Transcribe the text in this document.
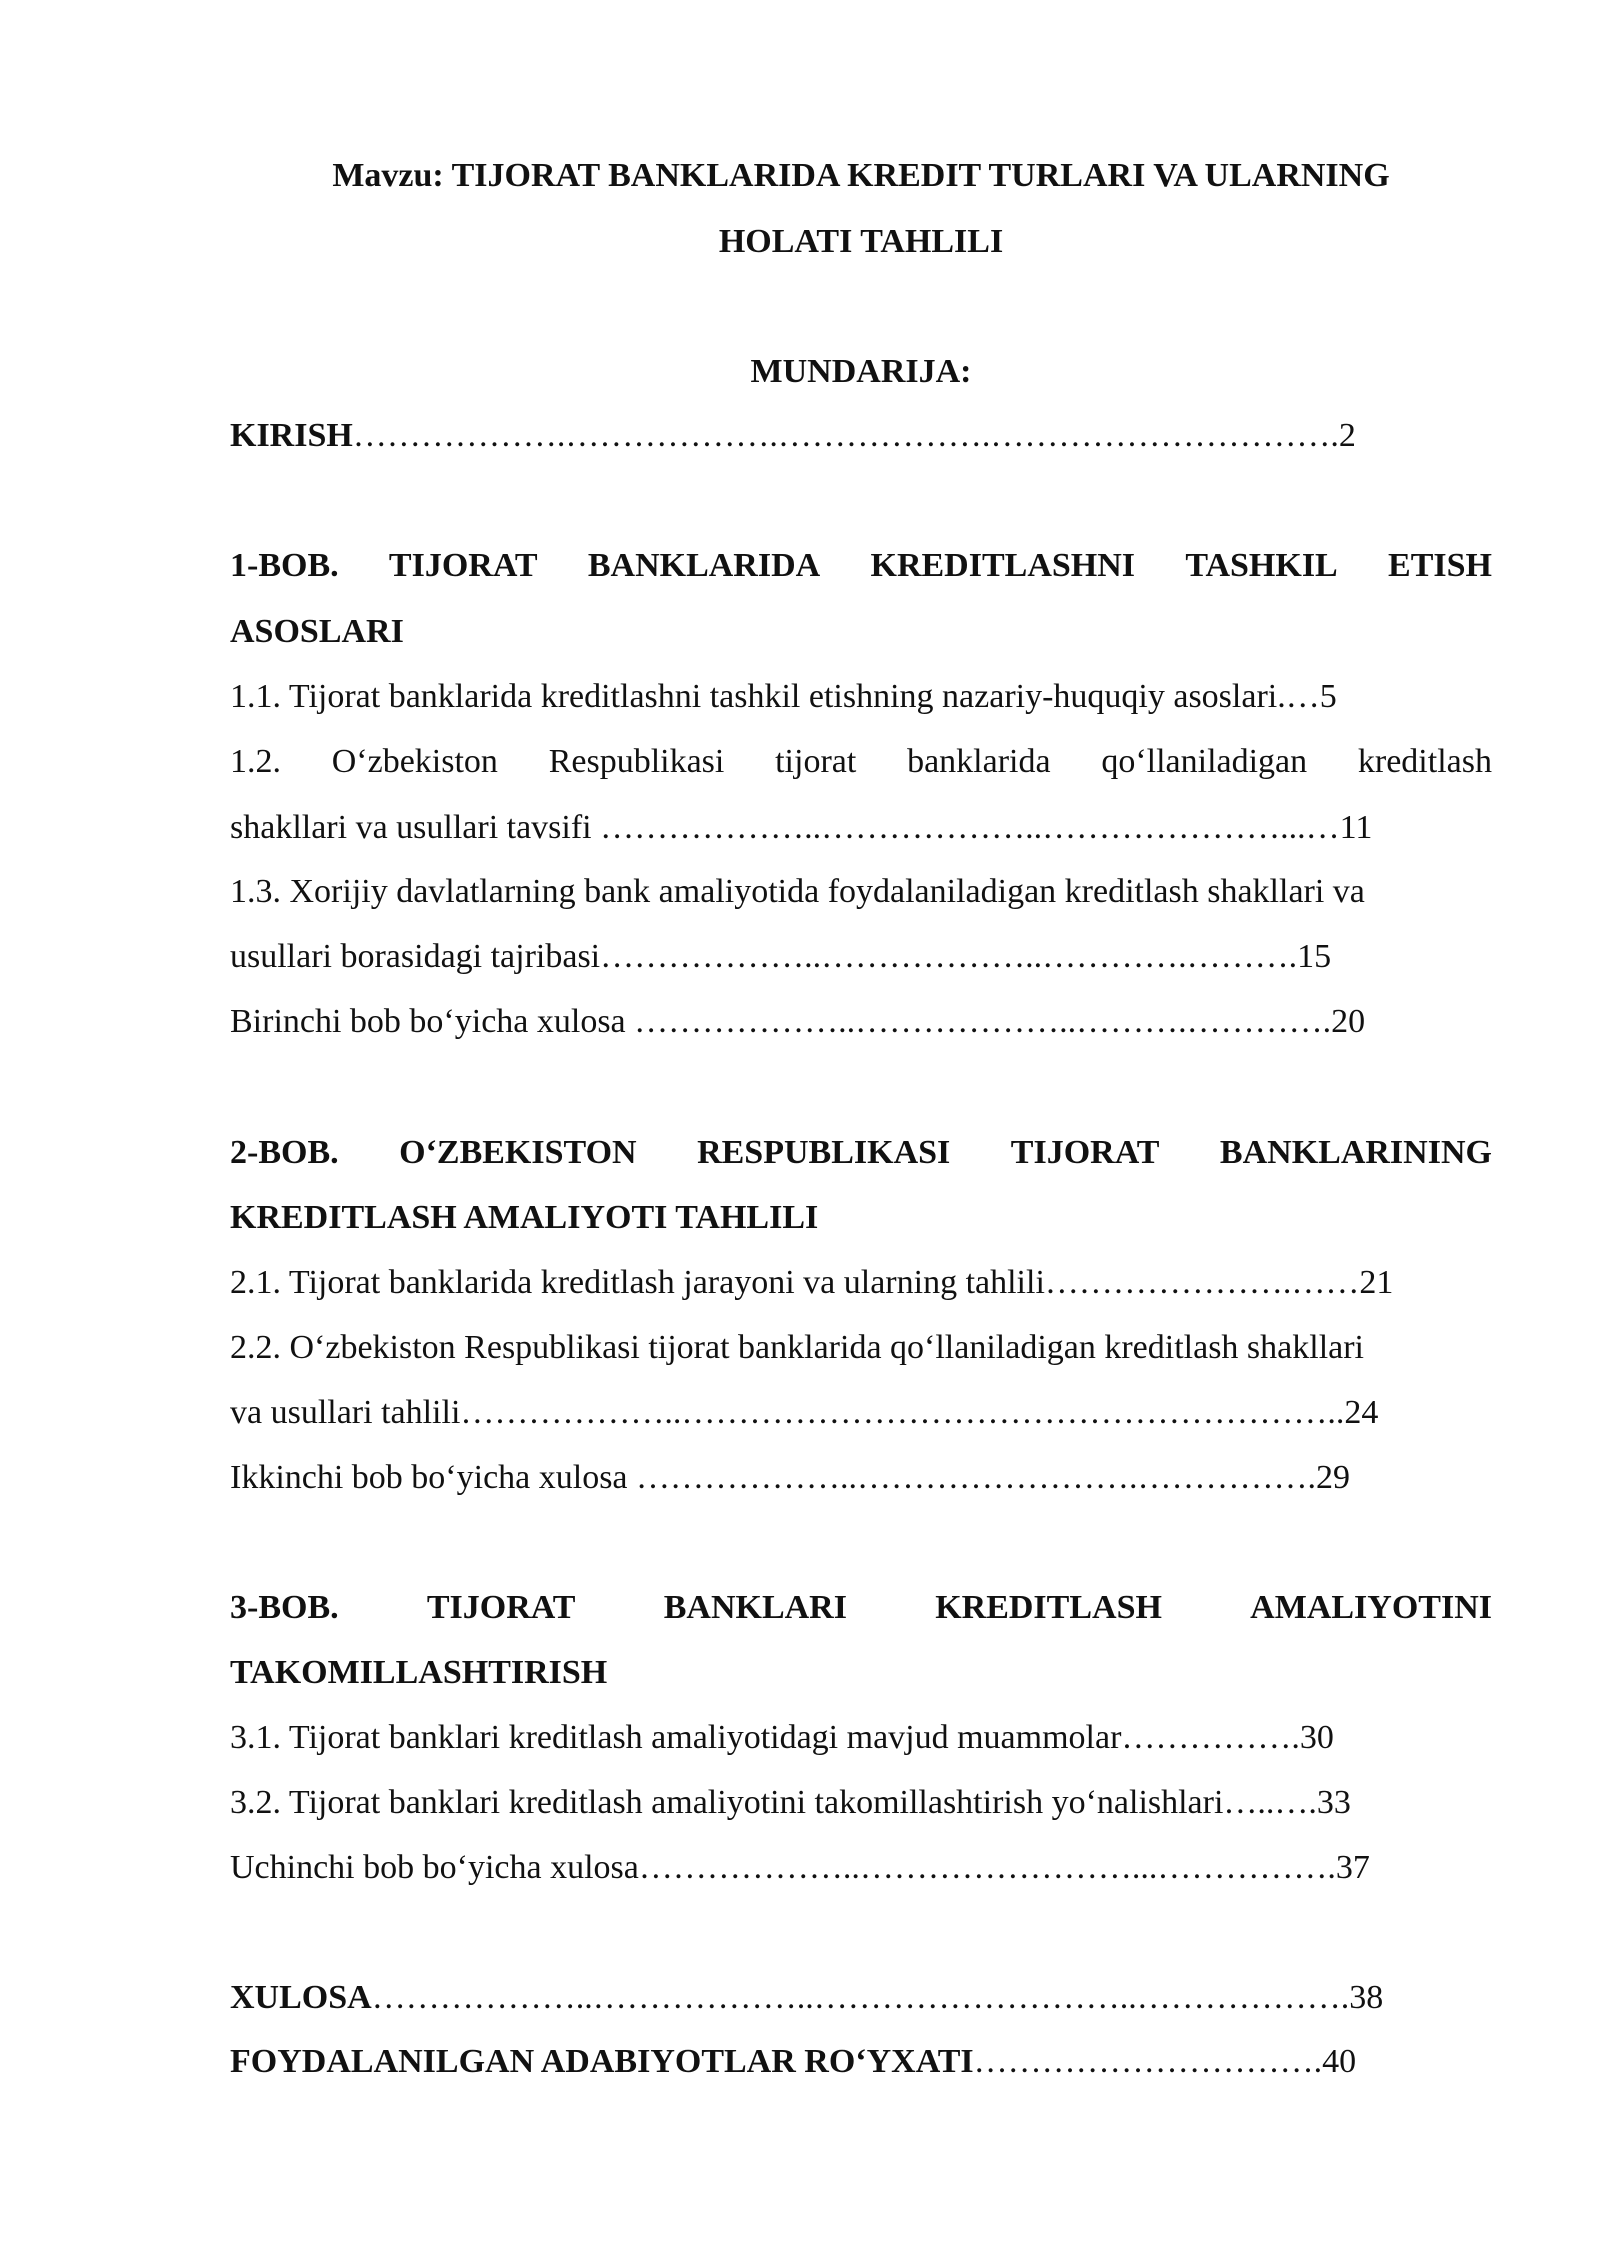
Mavzu: TIJORAT BANKLARIDA KREDIT TURLARI VA ULARNING
HOLATI TAHLILI
MUNDARIJA:
KIRISH ……………….……………….……………….…………………………. 2
1-BOB. TIJORAT BANKLARIDA KREDITLASHNI TASHKIL ETISH
ASOSLARI
1.1. Tijorat banklarida kreditlashni tashkil etishning nazariy-huquqiy asoslari.…5
1.2. O‘zbekiston Respublikasi tijorat banklarida qo‘llaniladigan kreditlash
shakllari va usullari tavsifi ………………..………………..…………………...…11
1.3. Xorijiy davlatlarning bank amaliyotida foydalaniladigan kreditlash shakllari va
usullari borasidagi tajribasi………………..………………..………….……….15
Birinchi bob bo‘yicha xulosa ………………..………………..……….………….20
2-BOB. O‘ZBEKISTON RESPUBLIKASI TIJORAT BANKLARINING
KREDITLASH AMALIYOTI TAHLILI
2.1. Tijorat banklarida kreditlash jarayoni va ularning tahlili………………….……21
2.2. O‘zbekiston Respublikasi tijorat banklarida qo‘llaniladigan kreditlash shakllari
va usullari tahlili………………..…………………………………………………..24
Ikkinchi bob bo‘yicha xulosa ………………..…………………….…………….29
3-BOB.	TIJORAT	BANKLARI	KREDITLASH	AMALIYOTINI
TAKOMILLASHTIRISH
3.1. Tijorat banklari kreditlash amaliyotidagi mavjud muammolar…………….30
3.2. Tijorat banklari kreditlash amaliyotini takomillashtirish yo‘nalishlari…..….33
Uchinchi bob bo‘yicha xulosa………………..……………………...…………….37
XULOSA………………..………………..………………………..……………….38
FOYDALANILGAN ADABIYOTLAR RO‘YXATI………………………….40
